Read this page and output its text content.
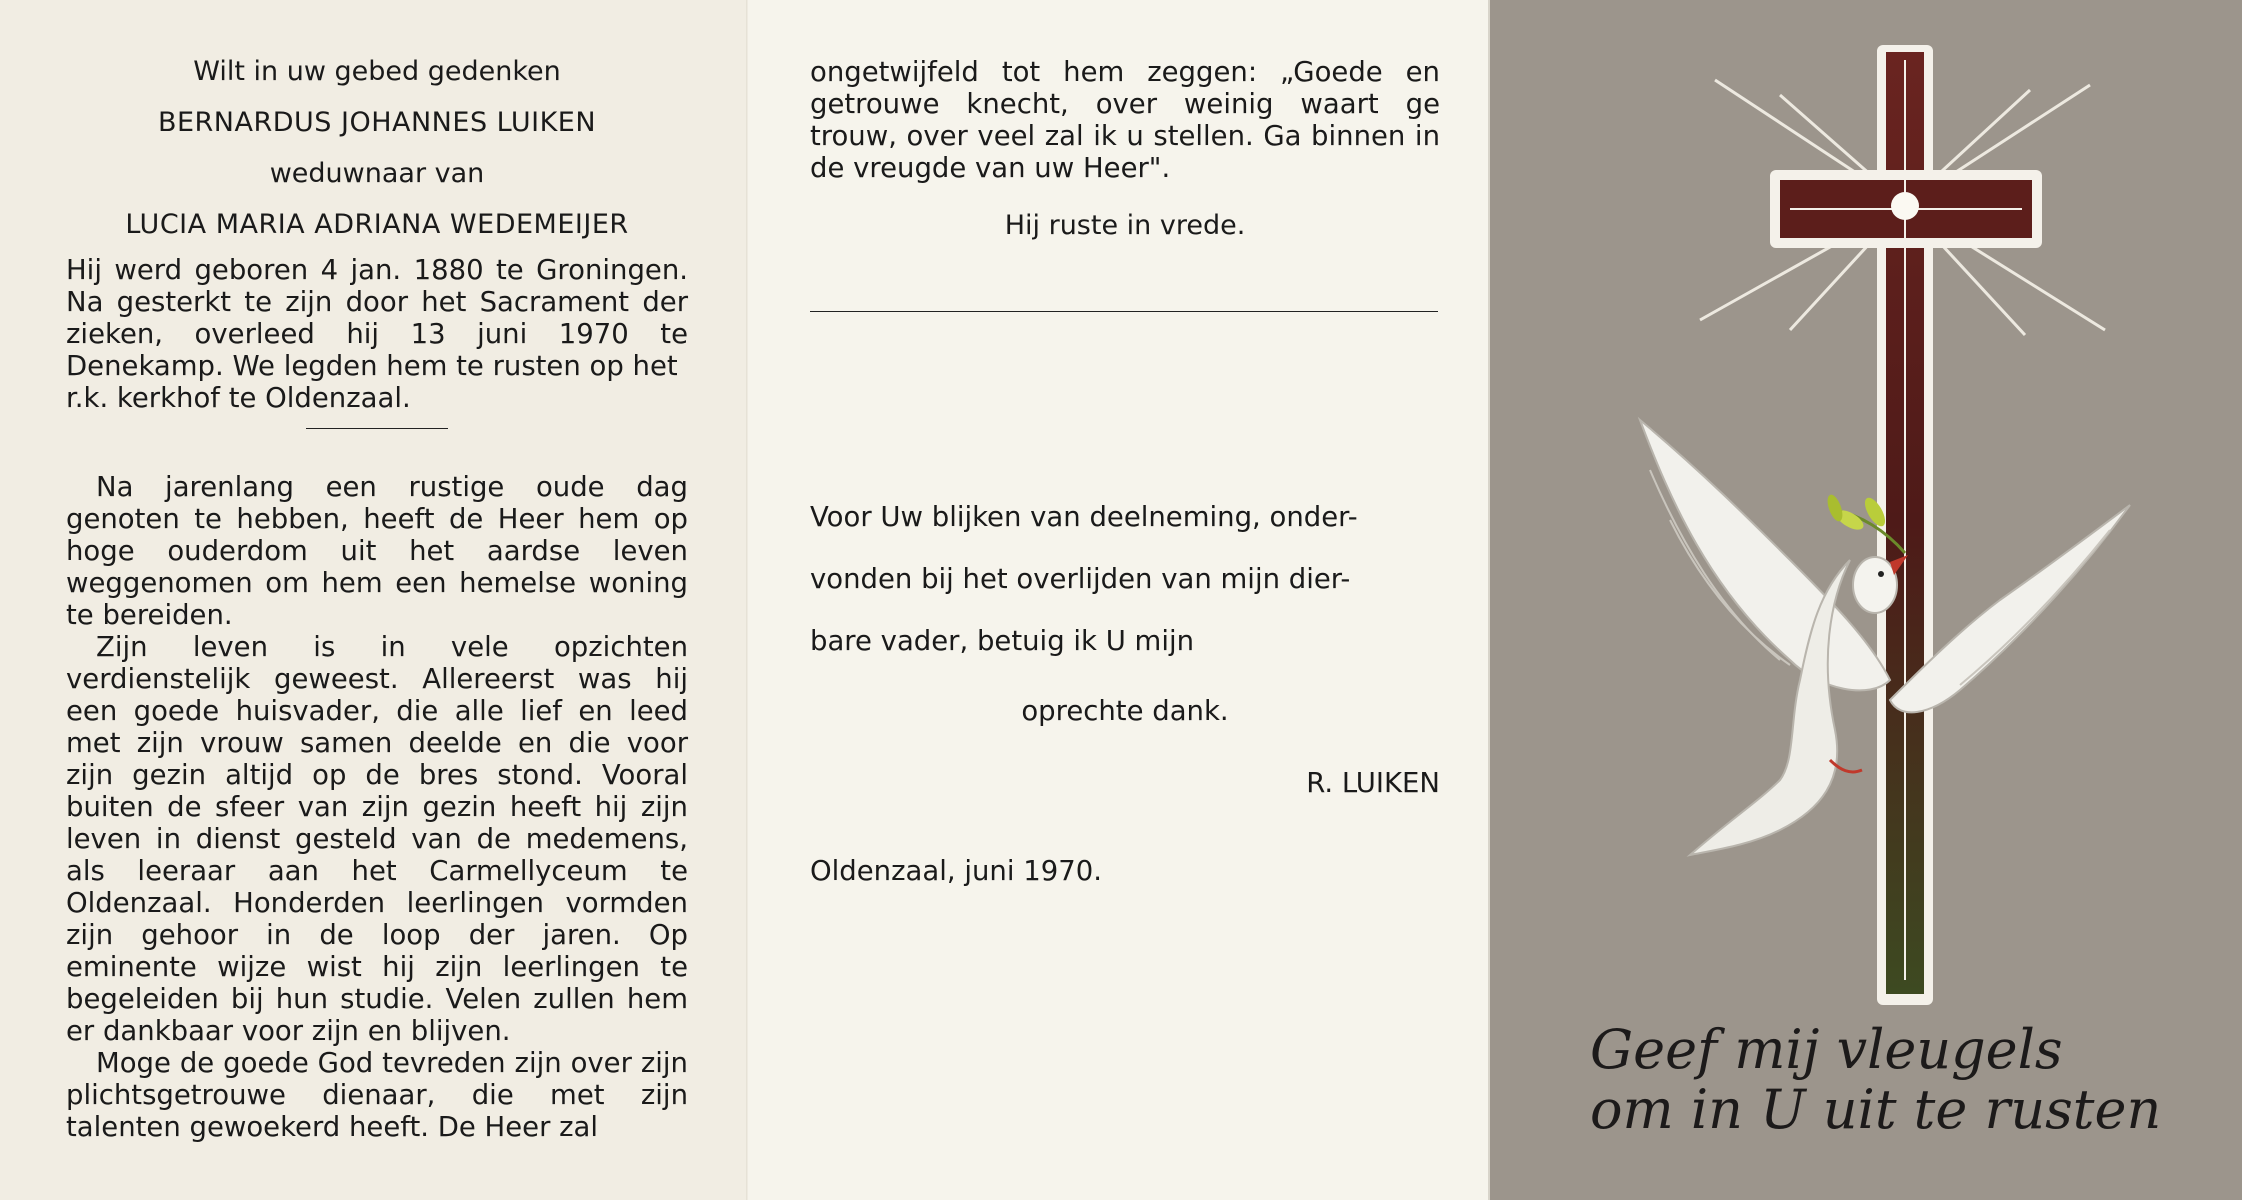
Wilt in uw gebed gedenken

BERNARDUS JOHANNES LUIKEN

weduwnaar van

LUCIA MARIA ADRIANA WEDEMEIJER

Hij werd geboren 4 jan. 1880 te Groningen. Na gesterkt te zijn door het Sacrament der zieken, overleed hij 13 juni 1970 te Denekamp. We legden hem te rusten op het

r.k. kerkhof te Oldenzaal.

Na jarenlang een rustige oude dag genoten te hebben, heeft de Heer hem op hoge ouderdom uit het aardse leven weggenomen om hem een hemelse woning te bereiden.

Zijn leven is in vele opzichten verdienstelijk geweest. Allereerst was hij een goede huisvader, die alle lief en leed met zijn vrouw samen deelde en die voor zijn gezin altijd op de bres stond. Vooral buiten de sfeer van zijn gezin heeft hij zijn leven in dienst gesteld van de medemens, als leeraar aan het Carmellyceum te Oldenzaal. Honderden leerlingen vormden zijn gehoor in de loop der jaren. Op eminente wijze wist hij zijn leerlingen te begeleiden bij hun studie. Velen zullen hem er dankbaar voor zijn en blijven.

Moge de goede God tevreden zijn over zijn plichtsgetrouwe dienaar, die met zijn talenten gewoekerd heeft. De Heer zal

ongetwijfeld tot hem zeggen: „Goede en getrouwe knecht, over weinig waart ge trouw, over veel zal ik u stellen. Ga binnen in de vreugde van uw Heer".

Hij ruste in vrede.

Voor Uw blijken van deelneming, onder-

vonden bij het overlijden van mijn dier-

bare vader, betuig ik U mijn

oprechte dank.

R. LUIKEN

Oldenzaal, juni 1970.

Geef mij vleugels
om in U uit te rusten
